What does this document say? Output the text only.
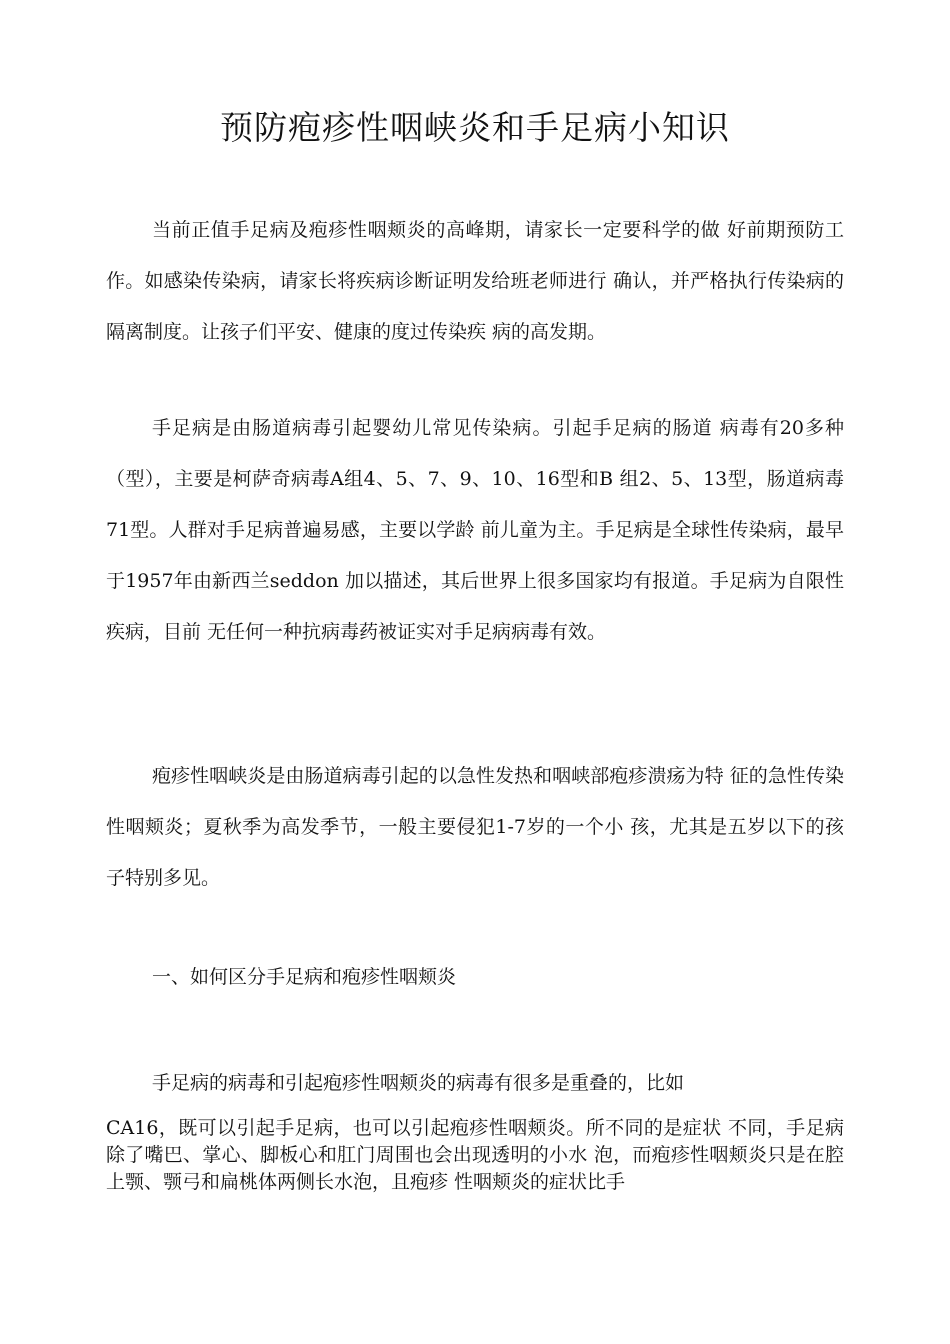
预防疱疹性咽峡炎和手足病小知识
当前正值手足病及疱疹性咽颊炎的高峰期，请家长一定要科学的做 好前期预防工作。如感染传染病，请家长将疾病诊断证明发给班老师进行 确认，并严格执行传染病的隔离制度。让孩子们平安、健康的度过传染疾 病的高发期。
手足病是由肠道病毒引起婴幼儿常见传染病。引起手足病的肠道 病毒有20多种（型），主要是柯萨奇病毒A组4、5、7、9、10、16型和B 组2、5、13型，肠道病毒71型。人群对手足病普遍易感，主要以学龄 前儿童为主。手足病是全球性传染病，最早于1957年由新西兰seddon 加以描述，其后世界上很多国家均有报道。手足病为自限性疾病，目前 无任何一种抗病毒药被证实对手足病病毒有效。
疱疹性咽峡炎是由肠道病毒引起的以急性发热和咽峡部疱疹溃疡为特 征的急性传染性咽颊炎；夏秋季为高发季节，一般主要侵犯1-7岁的一个小 孩，尤其是五岁以下的孩子特别多见。
一、如何区分手足病和疱疹性咽颊炎
手足病的病毒和引起疱疹性咽颊炎的病毒有很多是重叠的，比如
CA16，既可以引起手足病，也可以引起疱疹性咽颊炎。所不同的是症状 不同，手足病除了嘴巴、掌心、脚板心和肛门周围也会出现透明的小水 泡，而疱疹性咽颊炎只是在腔上颚、颚弓和扁桃体两侧长水泡，且疱疹 性咽颊炎的症状比手
